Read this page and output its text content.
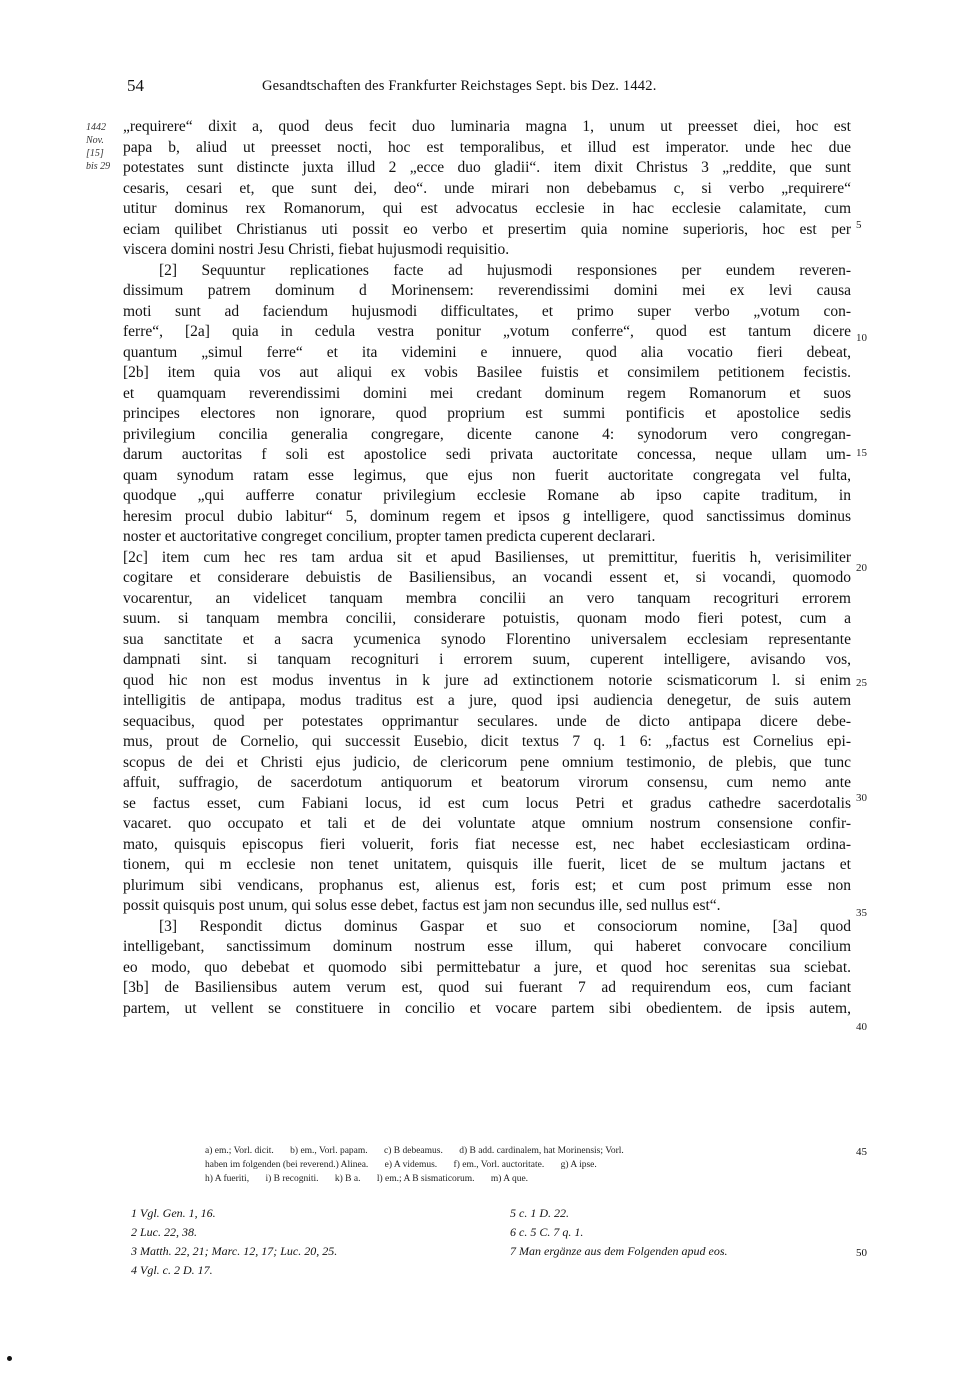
54	Gesandtschaften des Frankfurter Reichstages Sept. bis Dez. 1442.
1442
Nov.
[15]
bis 29
„requirere“ dixit a, quod deus fecit duo luminaria magna 1, unum ut preesset diei, hoc est
papa b, aliud ut preesset nocti, hoc est temporalibus, et illud est imperator. unde hec due
potestates sunt distincte juxta illud 2 „ecce duo gladii“. item dixit Christus 3 „reddite, que sunt
cesaris, cesari et, que sunt dei, deo“. unde mirari non debebamus c, si verbo „requirere“
utitur dominus rex Romanorum, qui est advocatus ecclesie in hac ecclesie calamitate, cum
eciam quilibet Christianus uti possit eo verbo et presertim quia nomine superioris, hoc est per
viscera domini nostri Jesu Christi, fiebat hujusmodi requisitio.
[2] Sequuntur replicationes facte ad hujusmodi responsiones per eundem reveren-
dissimum patrem dominum d Morinensem: reverendissimi domini mei ex levi causa
moti sunt ad faciendum hujusmodi difficultates, et primo super verbo „votum con-
ferre“, [2a] quia in cedula vestra ponitur „votum conferre“, quod est tantum dicere
quantum „simul ferre“ et ita videmini e innuere, quod alia vocatio fieri debeat,
[2b] item quia vos aut aliqui ex vobis Basilee fuistis et consimilem petitionem fecistis.
et quamquam reverendissimi domini mei credant dominum regem Romanorum et suos
principes electores non ignorare, quod proprium est summi pontificis et apostolice sedis
privilegium concilia generalia congregare, dicente canone 4: synodorum vero congregan-
darum auctoritas f soli est apostolice sedi privata auctoritate concessa, neque ullam um-
quam synodum ratam esse legimus, que ejus non fuerit auctoritate congregata vel fulta,
quodque „qui aufferre conatur privilegium ecclesie Romane ab ipso capite traditum, in
heresim procul dubio labitur“ 5, dominum regem et ipsos g intelligere, quod sanctissimus dominus
noster et auctoritative congreget concilium, propter tamen predicta cuperent declarari.
[2c] item cum hec res tam ardua sit et apud Basilienses, ut premittitur, fueritis h, verisimiliter
cogitare et considerare debuistis de Basiliensibus, an vocandi essent et, si vocandi, quomodo
vocarentur, an videlicet tanquam membra concilii an vero tanquam recogrituri errorem
suum. si tanquam membra concilii, considerare potuistis, quonam modo fieri potest, cum a
sua sanctitate et a sacra ycumenica synodo Florentino universalem ecclesiam representante
dampnati sint. si tanquam recognituri i errorem suum, cuperent intelligere, avisando vos,
quod hic non est modus inventus in k jure ad extinctionem notorie scismaticorum l. si enim
intelligitis de antipapa, modus traditus est a jure, quod ipsi audiencia denegetur, de suis autem
sequacibus, quod per potestates opprimantur seculares. unde de dicto antipapa dicere debe-
mus, prout de Cornelio, qui successit Eusebio, dicit textus 7 q. 1 6: „factus est Cornelius epi-
scopus de dei et Christi ejus judicio, de clericorum pene omnium testimonio, de plebis, que tunc
affuit, suffragio, de sacerdotum antiquorum et beatorum virorum consensu, cum nemo ante
se factus esset, cum Fabiani locus, id est cum locus Petri et gradus cathedre sacerdotalis
vacaret. quo occupato et tali et de dei voluntate atque omnium nostrum consensione confir-
mato, quisquis episcopus fieri voluerit, foris fiat necesse est, nec habet ecclesiasticam ordina-
tionem, qui m ecclesie non tenet unitatem, quisquis ille fuerit, licet de se multum jactans et
plurimum sibi vendicans, prophanus est, alienus est, foris est; et cum post primum esse non
possit quisquis post unum, qui solus esse debet, factus est jam non secundus ille, sed nullus est“.
[3] Respondit dictus dominus Gaspar et suo et consociorum nomine, [3a] quod
intelligebant, sanctissimum dominum nostrum esse illum, qui haberet convocare concilium
eo modo, quo debebat et quomodo sibi permittebatur a jure, et quod hoc serenitas sua sciebat.
[3b] de Basiliensibus autem verum est, quod sui fuerant 7 ad requirendum eos, cum faciant
partem, ut vellent se constituere in concilio et vocare partem sibi obedientem. de ipsis autem,
5
10
15
20
25
30
35
40
a) em.; Vorl. dicit. b) em., Vorl. papam. c) B debeamus. d) B add. cardinalem, hat Morinensis; Vorl.
haben im folgenden (bei reverend.) Alinea. e) A videmus. f) em., Vorl. auctoritate. g) A ipse.
h) A fueriti, i) B recogniti. k) B a. l) em.; A B sismaticorum. m) A que.
45
1 Vgl. Gen. 1, 16.
2 Luc. 22, 38.
3 Matth. 22, 21; Marc. 12, 17; Luc. 20, 25.
4 Vgl. c. 2 D. 17.
5 c. 1 D. 22.
6 c. 5 C. 7 q. 1.
7 Man ergänze aus dem Folgenden apud eos.	50
